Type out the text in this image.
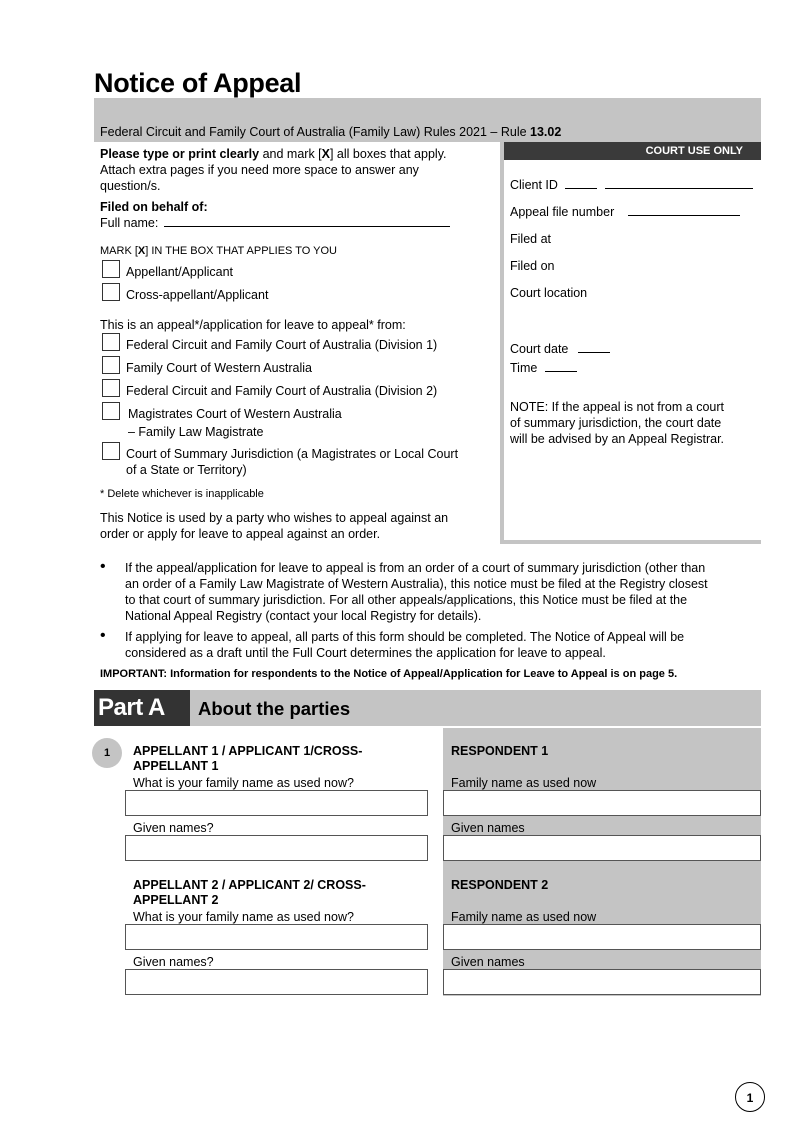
Notice of Appeal
Federal Circuit and Family Court of Australia (Family Law) Rules 2021 – Rule 13.02
COURT USE ONLY
Client ID
Appeal file number
Filed at
Filed on
Court location
Court date
Time
NOTE: If the appeal is not from a court
of summary jurisdiction, the court date
will be advised by an Appeal Registrar.
Please type or print clearly and mark [X] all boxes that apply.
Attach extra pages if you need more space to answer any
question/s.
Filed on behalf of:
Full name:
MARK [X] IN THE BOX THAT APPLIES TO YOU
Appellant/Applicant
Cross-appellant/Applicant
This is an appeal*/application for leave to appeal* from:
Federal Circuit and Family Court of Australia (Division 1)
Family Court of Western Australia
Federal Circuit and Family Court of Australia (Division 2)
Magistrates Court of Western Australia
– Family Law Magistrate
Court of Summary Jurisdiction (a Magistrates or Local Court
of a State or Territory)
* Delete whichever is inapplicable
This Notice is used by a party who wishes to appeal against an
order or apply for leave to appeal against an order.
• If the appeal/application for leave to appeal is from an order of a court of summary jurisdiction (other than
an order of a Family Law Magistrate of Western Australia), this notice must be filed at the Registry closest
to that court of summary jurisdiction. For all other appeals/applications, this Notice must be filed at the
National Appeal Registry (contact your local Registry for details).
• If applying for leave to appeal, all parts of this form should be completed. The Notice of Appeal will be
considered as a draft until the Full Court determines the application for leave to appeal.
IMPORTANT: Information for respondents to the Notice of Appeal/Application for Leave to Appeal is on page 5.
Part A	About the parties
1	APPELLANT 1 / APPLICANT 1/CROSS-
APPELLANT 1
What is your family name as used now?
Given names?
RESPONDENT 1
Family name as used now
Given names
APPELLANT 2 / APPLICANT 2/ CROSS-
APPELLANT 2
What is your family name as used now?
Given names?
RESPONDENT 2
Family name as used now
Given names
1
